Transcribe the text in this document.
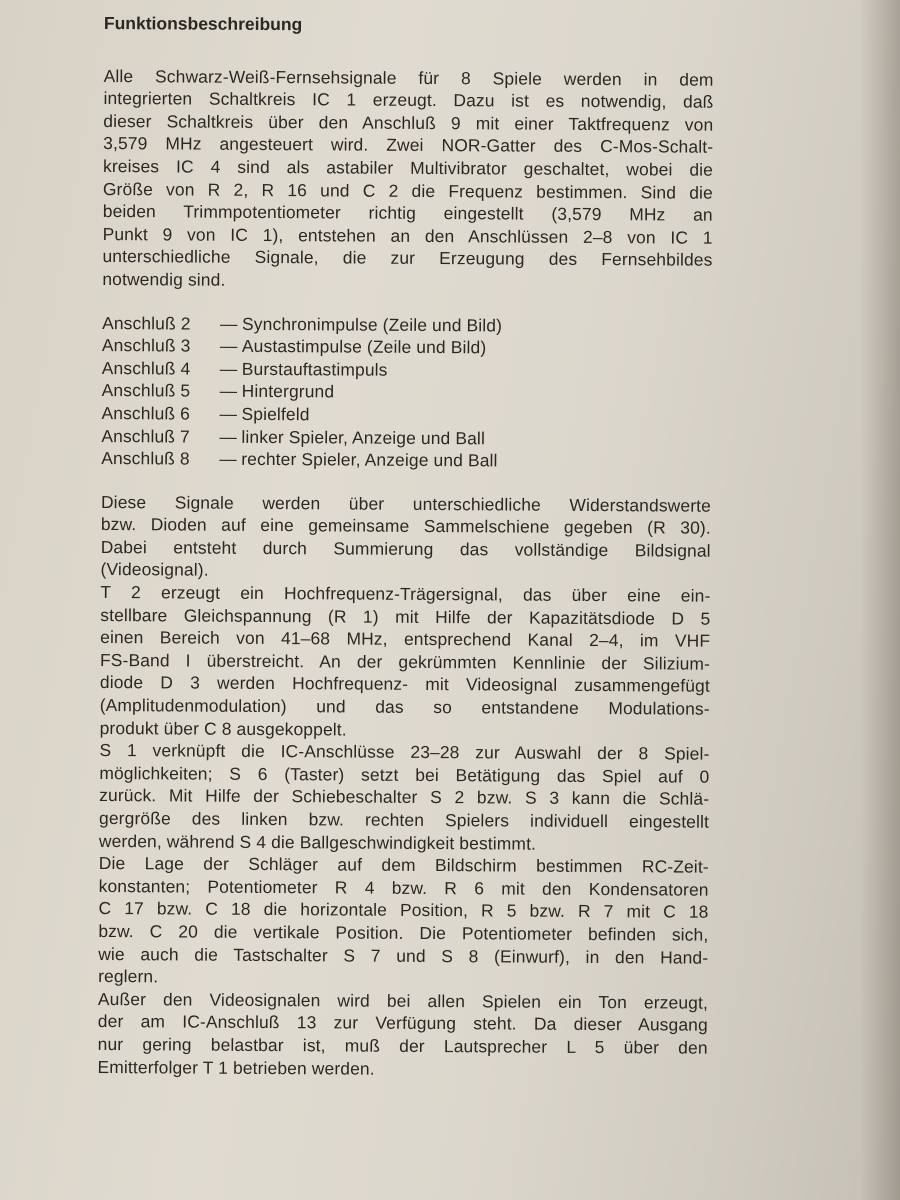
Funktionsbeschreibung
Alle Schwarz-Weiß-Fernsehsignale für 8 Spiele werden in dem
integrierten Schaltkreis IC 1 erzeugt. Dazu ist es notwendig, daß
dieser Schaltkreis über den Anschluß 9 mit einer Taktfrequenz von
3,579 MHz angesteuert wird. Zwei NOR-Gatter des C-Mos-Schalt-
kreises IC 4 sind als astabiler Multivibrator geschaltet, wobei die
Größe von R 2, R 16 und C 2 die Frequenz bestimmen. Sind die
beiden Trimmpotentiometer richtig eingestellt (3,579 MHz an
Punkt 9 von IC 1), entstehen an den Anschlüssen 2–8 von IC 1
unterschiedliche Signale, die zur Erzeugung des Fernsehbildes
notwendig sind.
Anschluß 2	— Synchronimpulse (Zeile und Bild)
Anschluß 3	— Austastimpulse (Zeile und Bild)
Anschluß 4	— Burstauftastimpuls
Anschluß 5	— Hintergrund
Anschluß 6	— Spielfeld
Anschluß 7	— linker Spieler, Anzeige und Ball
Anschluß 8	— rechter Spieler, Anzeige und Ball
Diese Signale werden über unterschiedliche Widerstandswerte
bzw. Dioden auf eine gemeinsame Sammelschiene gegeben (R 30).
Dabei entsteht durch Summierung das vollständige Bildsignal
(Videosignal).
T 2 erzeugt ein Hochfrequenz-Trägersignal, das über eine ein-
stellbare Gleichspannung (R 1) mit Hilfe der Kapazitätsdiode D 5
einen Bereich von 41–68 MHz, entsprechend Kanal 2–4, im VHF
FS-Band I überstreicht. An der gekrümmten Kennlinie der Silizium-
diode D 3 werden Hochfrequenz- mit Videosignal zusammengefügt
(Amplitudenmodulation) und das so entstandene Modulations-
produkt über C 8 ausgekoppelt.
S 1 verknüpft die IC-Anschlüsse 23–28 zur Auswahl der 8 Spiel-
möglichkeiten; S 6 (Taster) setzt bei Betätigung das Spiel auf 0
zurück. Mit Hilfe der Schiebeschalter S 2 bzw. S 3 kann die Schlä-
gergröße des linken bzw. rechten Spielers individuell eingestellt
werden, während S 4 die Ballgeschwindigkeit bestimmt.
Die Lage der Schläger auf dem Bildschirm bestimmen RC-Zeit-
konstanten; Potentiometer R 4 bzw. R 6 mit den Kondensatoren
C 17 bzw. C 18 die horizontale Position, R 5 bzw. R 7 mit C 18
bzw. C 20 die vertikale Position. Die Potentiometer befinden sich,
wie auch die Tastschalter S 7 und S 8 (Einwurf), in den Hand-
reglern.
Außer den Videosignalen wird bei allen Spielen ein Ton erzeugt,
der am IC-Anschluß 13 zur Verfügung steht. Da dieser Ausgang
nur gering belastbar ist, muß der Lautsprecher L 5 über den
Emitterfolger T 1 betrieben werden.
